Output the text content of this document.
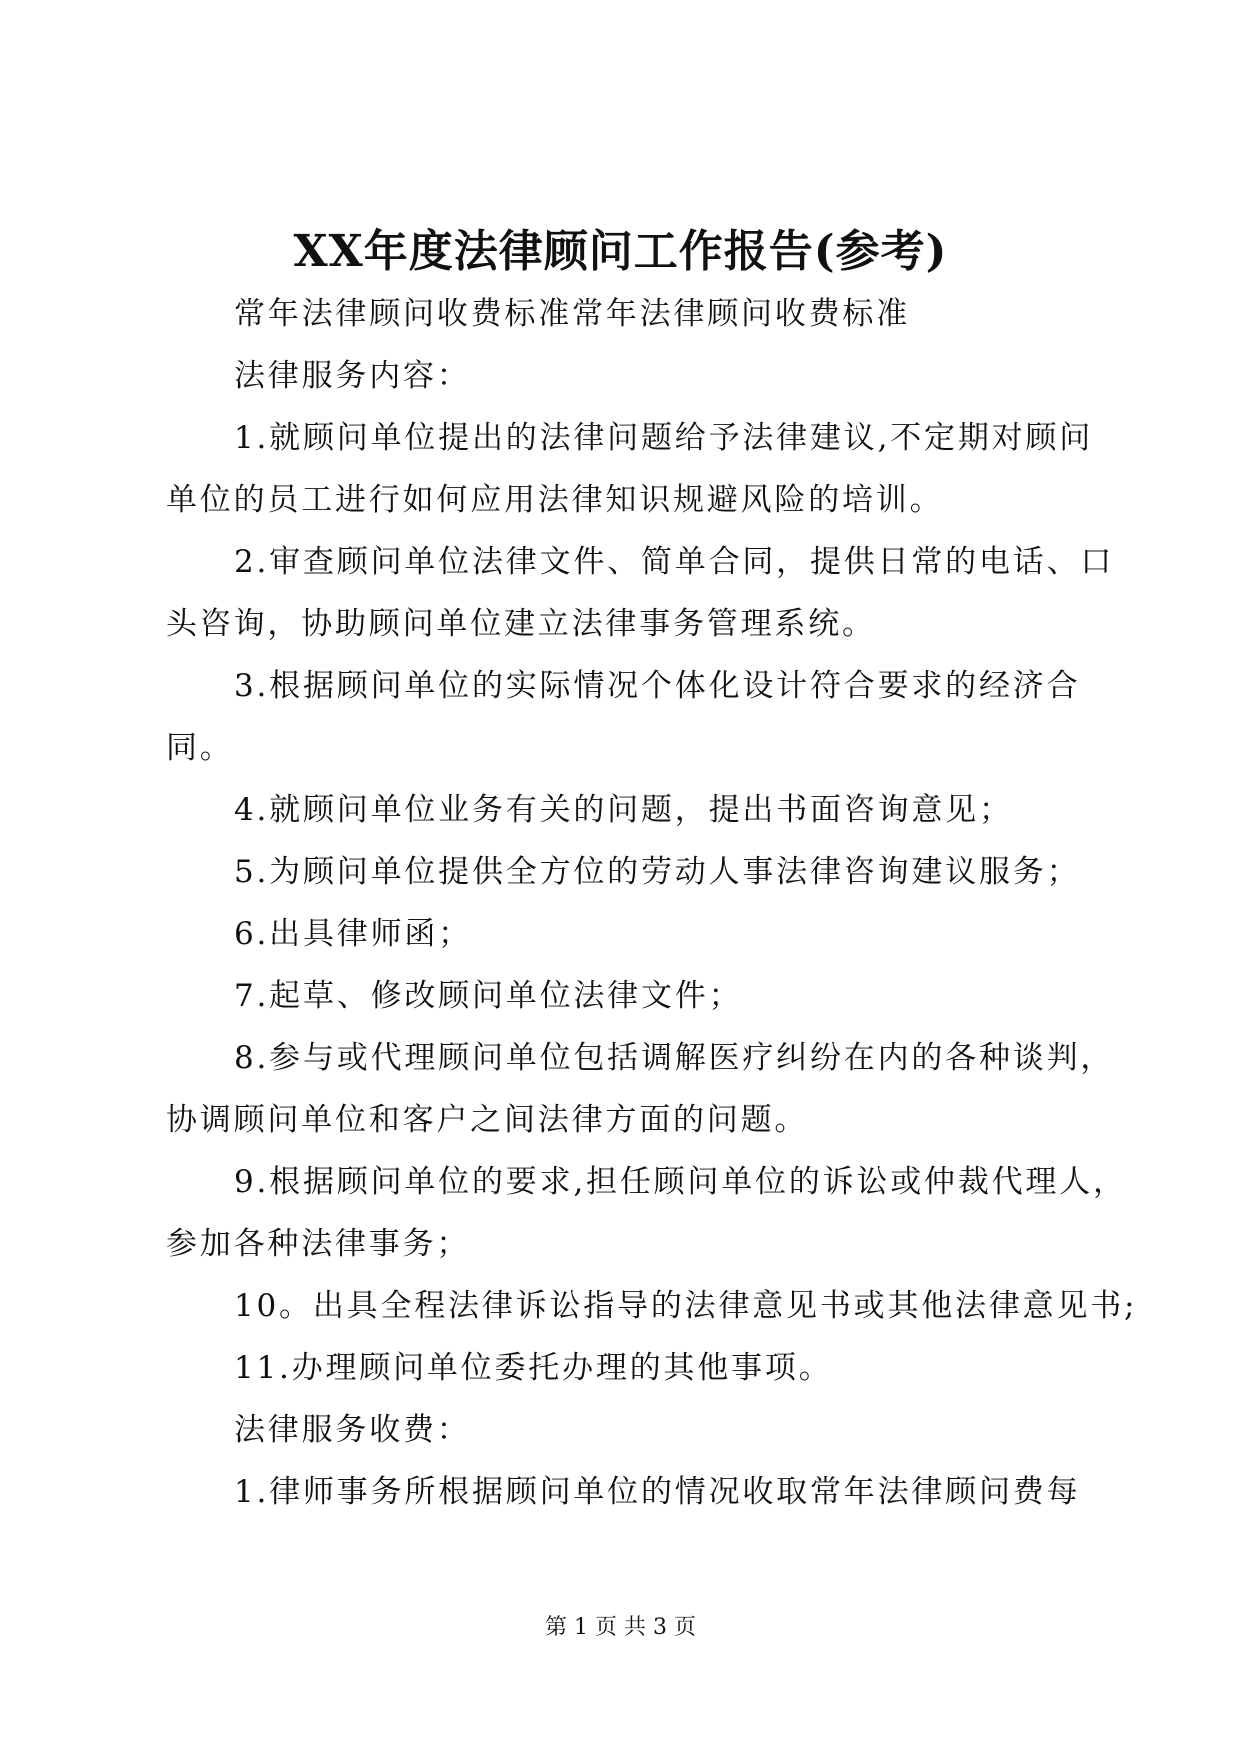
XX年度法律顾问工作报告(参考)

常年法律顾问收费标准常年法律顾问收费标准

法律服务内容：

1.就顾问单位提出的法律问题给予法律建议,不定期对顾问

单位的员工进行如何应用法律知识规避风险的培训。

2.审查顾问单位法律文件、简单合同，提供日常的电话、口

头咨询，协助顾问单位建立法律事务管理系统。

3.根据顾问单位的实际情况个体化设计符合要求的经济合

同。

4.就顾问单位业务有关的问题，提出书面咨询意见；

5.为顾问单位提供全方位的劳动人事法律咨询建议服务；

6.出具律师函；

7.起草、修改顾问单位法律文件；

8.参与或代理顾问单位包括调解医疗纠纷在内的各种谈判，

协调顾问单位和客户之间法律方面的问题。

9.根据顾问单位的要求,担任顾问单位的诉讼或仲裁代理人，

参加各种法律事务；

10。出具全程法律诉讼指导的法律意见书或其他法律意见书;

11.办理顾问单位委托办理的其他事项。

法律服务收费：

1.律师事务所根据顾问单位的情况收取常年法律顾问费每

第 1 页 共 3 页
